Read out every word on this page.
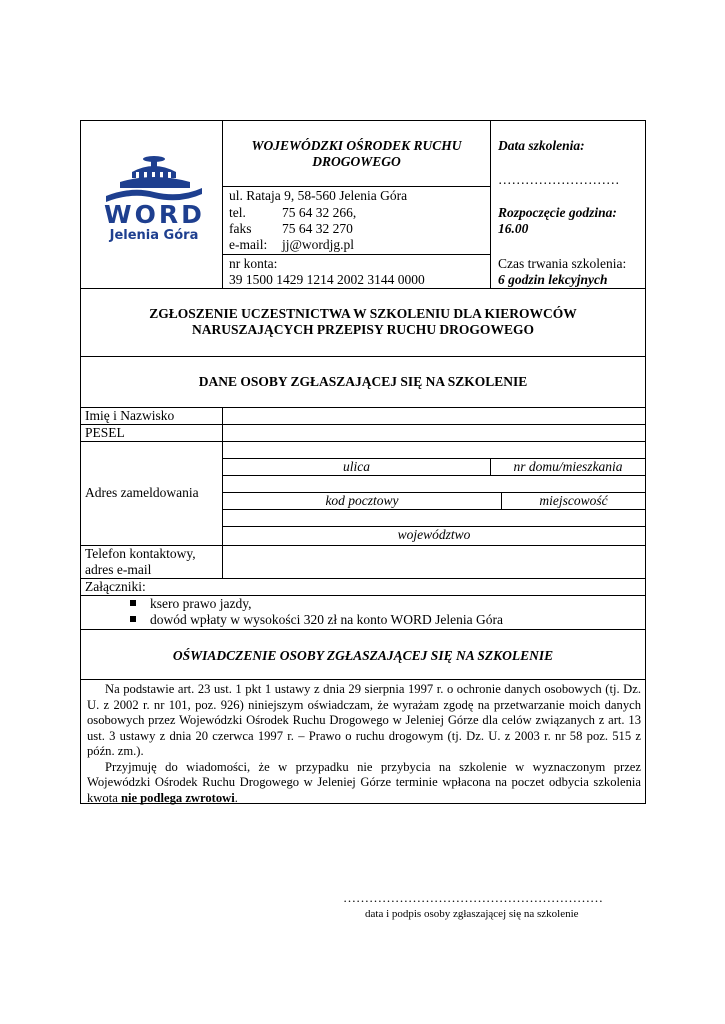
WORD
Jelenia Góra
WOJEWÓDZKI OŚRODEK RUCHU
DROGOWEGO
ul. Rataja 9, 58-560 Jelenia Góra
tel.	75 64 32 266,
faks 75 64 32 270
e-mail: jj@wordjg.pl
nr konta:
39 1500 1429 1214 2002 3144 0000
Data szkolenia:
………………………
Rozpoczęcie godzina:
16.00
Czas trwania szkolenia:
6 godzin lekcyjnych
ZGŁOSZENIE UCZESTNICTWA W SZKOLENIU DLA KIEROWCÓW
NARUSZAJĄCYCH PRZEPISY RUCHU DROGOWEGO
DANE OSOBY ZGŁASZAJĄCEJ SIĘ NA SZKOLENIE
Imię i Nazwisko
PESEL
Adres zameldowania
ulica	nr domu/mieszkania
kod pocztowy	miejscowość
województwo
Telefon kontaktowy,
adres e-mail
Załączniki:
ksero prawo jazdy,
dowód wpłaty w wysokości 320 zł na konto WORD Jelenia Góra
OŚWIADCZENIE OSOBY ZGŁASZAJĄCEJ SIĘ NA SZKOLENIE

Na podstawie art. 23 ust. 1 pkt 1 ustawy z dnia 29 sierpnia 1997 r. o ochronie danych osobowych (tj. Dz. U. z 2002 r. nr 101, poz. 926) niniejszym oświadczam, że wyrażam zgodę na przetwarzanie moich danych osobowych przez Wojewódzki Ośrodek Ruchu Drogowego w Jeleniej Górze dla celów związanych z art. 13 ust. 3 ustawy z dnia 20 czerwca 1997 r. – Prawo o ruchu drogowym (tj. Dz. U. z 2003 r. nr 58 poz. 515 z późn. zm.).

Przyjmuję do wiadomości, że w przypadku nie przybycia na szkolenie w wyznaczonym przez Wojewódzki Ośrodek Ruchu Drogowego w Jeleniej Górze terminie wpłacona na poczet odbycia szkolenia kwota nie podlega zwrotowi.

……………………………………………………
data i podpis osoby zgłaszającej się na szkolenie
